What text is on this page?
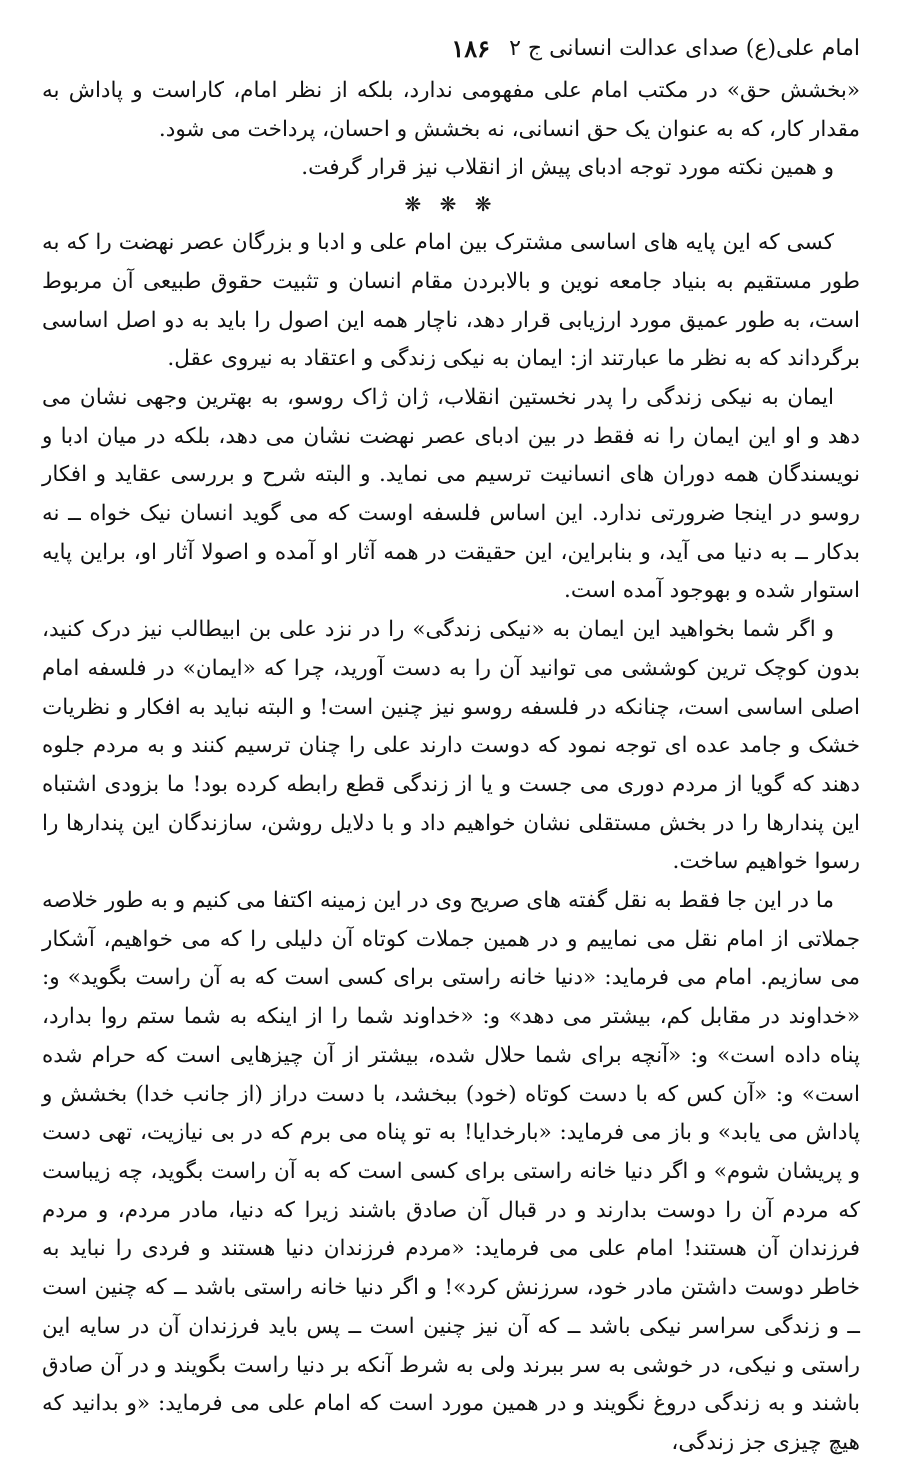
امام علی(ع) صدای عدالت انسانی ج ۲
۱۸۶

«بخشش حق» در مکتب امام علی مفهومی ندارد، بلکه از نظر امام، کاراست و پاداش به مقدار کار، که به عنوان یک حق انسانی، نه بخشش و احسان، پرداخت می شود.

و همین نکته مورد توجه ادبای پیش از انقلاب نیز قرار گرفت.

❋ ❋ ❋

کسی که این پایه های اساسی مشترک بین امام علی و ادبا و بزرگان عصر نهضت را که به طور مستقیم به بنیاد جامعه نوین و بالابردن مقام انسان و تثبیت حقوق طبیعی آن مربوط است، به طور عمیق مورد ارزیابی قرار دهد، ناچار همه این اصول را باید به دو اصل اساسی برگرداند که به نظر ما عبارتند از: ایمان به نیکی زندگی و اعتقاد به نیروی عقل.

ایمان به نیکی زندگی را پدر نخستین انقلاب، ژان ژاک روسو، به بهترین وجهی نشان می دهد و او این ایمان را نه فقط در بین ادبای عصر نهضت نشان می دهد، بلکه در میان ادبا و نویسندگان همه دوران های انسانیت ترسیم می نماید. و البته شرح و بررسی عقاید و افکار روسو در اینجا ضرورتی ندارد. این اساس فلسفه اوست که می گوید انسان نیک خواه ــ نه بدکار ــ به دنیا می آید، و بنابراین، این حقیقت در همه آثار او آمده و اصولا آثار او، براین پایه استوار شده و بهوجود آمده است.

و اگر شما بخواهید این ایمان به «نیکی زندگی» را در نزد علی بن ابیطالب نیز درک کنید، بدون کوچک ترین کوششی می توانید آن را به دست آورید، چرا که «ایمان» در فلسفه امام اصلی اساسی است، چنانکه در فلسفه روسو نیز چنین است! و البته نباید به افکار و نظریات خشک و جامد عده ای توجه نمود که دوست دارند علی را چنان ترسیم کنند و به مردم جلوه دهند که گویا از مردم دوری می جست و یا از زندگی قطع رابطه کرده بود! ما بزودی اشتباه این پندارها را در بخش مستقلی نشان خواهیم داد و با دلایل روشن، سازندگان این پندارها را رسوا خواهیم ساخت.

ما در این جا فقط به نقل گفته های صریح وی در این زمینه اکتفا می کنیم و به طور خلاصه جملاتی از امام نقل می نماییم و در همین جملات کوتاه آن دلیلی را که می خواهیم، آشکار می سازیم. امام می فرماید: «دنیا خانه راستی برای کسی است که به آن راست بگوید» و: «خداوند در مقابل کم، بیشتر می دهد» و: «خداوند شما را از اینکه به شما ستم روا بدارد، پناه داده است» و: «آنچه برای شما حلال شده، بیشتر از آن چیزهایی است که حرام شده است» و: «آن کس که با دست کوتاه (خود) ببخشد، با دست دراز (از جانب خدا) بخشش و پاداش می یابد» و باز می فرماید: «بارخدایا! به تو پناه می برم که در بی نیازیت، تهی دست و پریشان شوم» و اگر دنیا خانه راستی برای کسی است که به آن راست بگوید، چه زیباست که مردم آن را دوست بدارند و در قبال آن صادق باشند زیرا که دنیا، مادر مردم، و مردم فرزندان آن هستند! امام علی می فرماید: «مردم فرزندان دنیا هستند و فردی را نباید به خاطر دوست داشتن مادر خود، سرزنش کرد»! و اگر دنیا خانه راستی باشد ــ که چنین است ــ و زندگی سراسر نیکی باشد ــ که آن نیز چنین است ــ پس باید فرزندان آن در سایه این راستی و نیکی، در خوشی به سر ببرند ولی به شرط آنکه بر دنیا راست بگویند و در آن صادق باشند و به زندگی دروغ نگویند و در همین مورد است که امام علی می فرماید: «و بدانید که هیچ چیزی جز زندگی،
